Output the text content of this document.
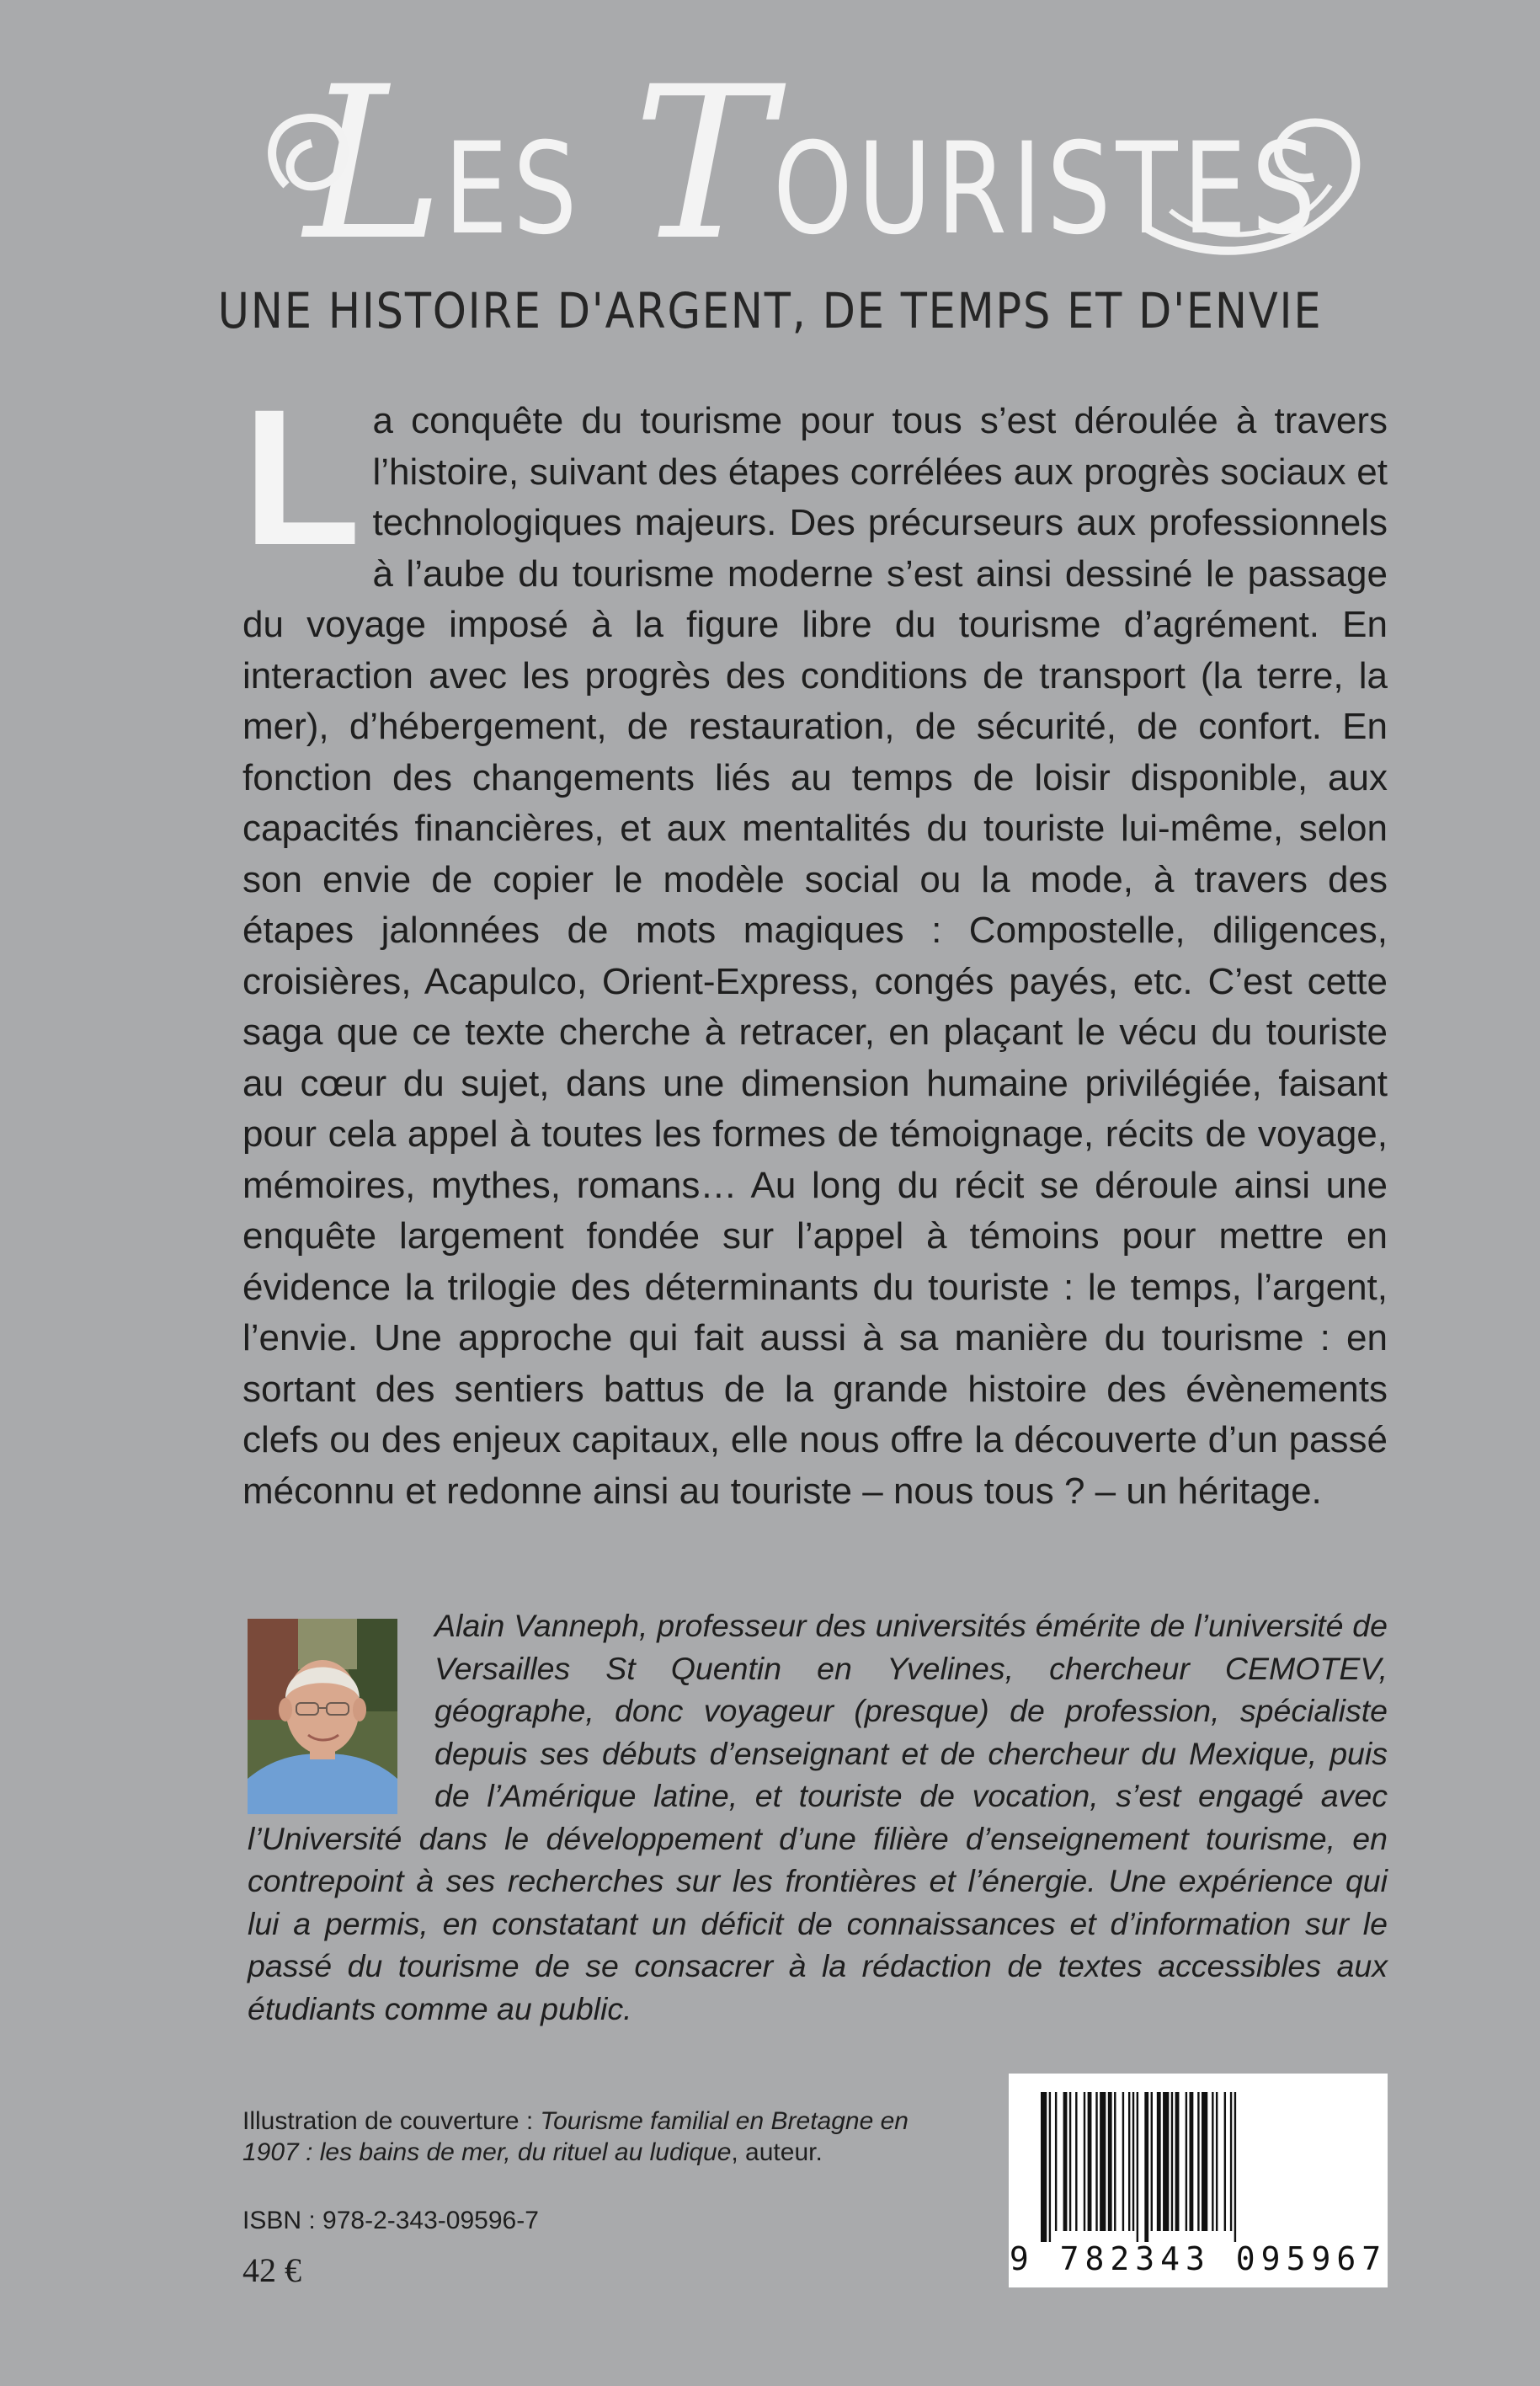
LES TOURISTES
UNE HISTOIRE D'ARGENT, DE TEMPS ET D'ENVIE
La conquête du tourisme pour tous s’est déroulée à travers l’histoire, suivant des étapes corrélées aux progrès sociaux et technologiques majeurs. Des précurseurs aux professionnels à l’aube du tourisme moderne s’est ainsi dessiné le passage du voyage imposé à la figure libre du tourisme d’agrément. En interaction avec les progrès des conditions de transport (la terre, la mer), d’hébergement, de restauration, de sécurité, de confort. En fonction des changements liés au temps de loisir disponible, aux capacités financières, et aux mentalités du touriste lui-même, selon son envie de copier le modèle social ou la mode, à travers des étapes jalonnées de mots magiques : Compostelle, diligences, croisières, Acapulco, Orient-Express, congés payés, etc. C’est cette saga que ce texte cherche à retracer, en plaçant le vécu du touriste au cœur du sujet, dans une dimension humaine privilégiée, faisant pour cela appel à toutes les formes de témoignage, récits de voyage, mémoires, mythes, romans… Au long du récit se déroule ainsi une enquête largement fondée sur l’appel à témoins pour mettre en évidence la trilogie des déterminants du touriste : le temps, l’argent, l’envie. Une approche qui fait aussi à sa manière du tourisme : en sortant des sentiers battus de la grande histoire des évènements clefs ou des enjeux capitaux, elle nous offre la découverte d’un passé méconnu et redonne ainsi au touriste – nous tous ? – un héritage.
Alain Vanneph, professeur des universités émérite de l’université de Versailles St Quentin en Yvelines, chercheur CEMOTEV, géographe, donc voyageur (presque) de profession, spécialiste depuis ses débuts d’enseignant et de chercheur du Mexique, puis de l’Amérique latine, et touriste de vocation, s’est engagé avec l’Université dans le développement d’une filière d’enseignement tourisme, en contrepoint à ses recherches sur les frontières et l’énergie. Une expérience qui lui a permis, en constatant un déficit de connaissances et d’information sur le passé du tourisme de se consacrer à la rédaction de textes accessibles aux étudiants comme au public.
Illustration de couverture : Tourisme familial en Bretagne en 1907 : les bains de mer, du rituel au ludique, auteur.
ISBN : 978-2-343-09596-7
42 €	9 782343 095967
